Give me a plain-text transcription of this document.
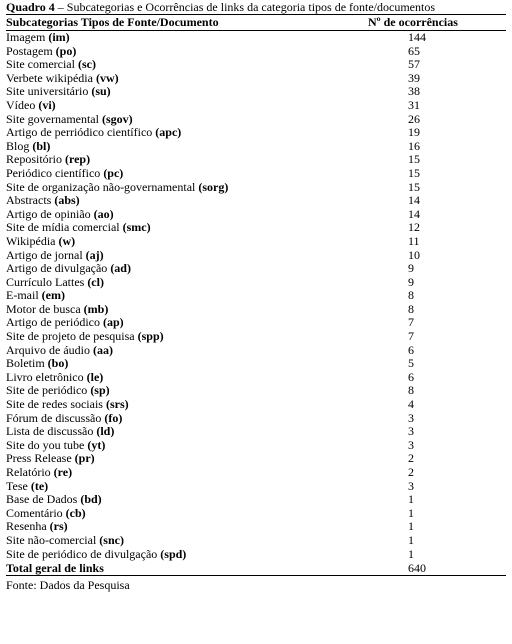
Quadro 4 – Subcategorias e Ocorrências de links da categoria tipos de fonte/documentos
Subcategorias Tipos de Fonte/Documento	Nº de ocorrências
Imagem (im)	144
Postagem (po)	65
Site comercial (sc)	57
Verbete wikipédia (vw)	39
Site universitário (su)	38
Vídeo (vi)	31
Site governamental (sgov)	26
Artigo de perriódico científico (apc)	19
Blog (bl)	16
Repositório (rep)	15
Periódico científico (pc)	15
Site de organização não-governamental (sorg)	15
Abstracts (abs)	14
Artigo de opinião (ao)	14
Site de mídia comercial (smc)	12
Wikipédia (w)	11
Artigo de jornal (aj)	10
Artigo de divulgação (ad)	9
Currículo Lattes (cl)	9
E-mail (em)	8
Motor de busca (mb)	8
Artigo de periódico (ap)	7
Site de projeto de pesquisa (spp)	7
Arquivo de áudio (aa)	6
Boletim (bo)	5
Livro eletrônico (le)	6
Site de periódico (sp)	8
Site de redes sociais (srs)	4
Fórum de discussão (fo)	3
Lista de discussão (ld)	3
Site do you tube (yt)	3
Press Release (pr)	2
Relatório (re)	2
Tese (te)	3
Base de Dados (bd)	1
Comentário (cb)	1
Resenha (rs)	1
Site não-comercial (snc)	1
Site de periódico de divulgação (spd)	1
Total geral de links	640
Fonte: Dados da Pesquisa
